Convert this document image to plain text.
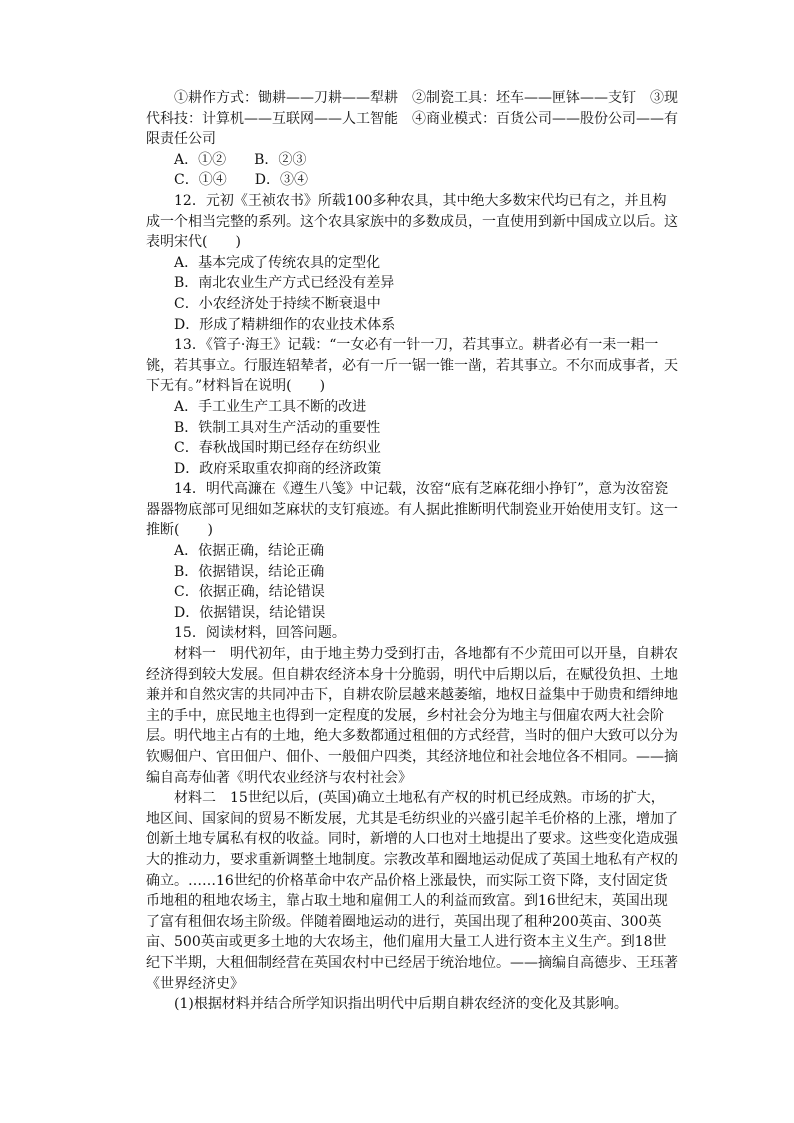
①耕作方式：锄耕——刀耕——犁耕　②制瓷工具：坯车——匣钵——支钉　③现代科技：计算机——互联网——人工智能　④商业模式：百货公司——股份公司——有限责任公司

A．①②	B．②③

C．①④	D．③④

12．元初《王祯农书》所载100多种农具，其中绝大多数宋代均已有之，并且构成一个相当完整的系列。这个农具家族中的多数成员，一直使用到新中国成立以后。这表明宋代(　　)

A．基本完成了传统农具的定型化

B．南北农业生产方式已经没有差异

C．小农经济处于持续不断衰退中

D．形成了精耕细作的农业技术体系

13．《管子·海王》记载：“一女必有一针一刀，若其事立。耕者必有一耒一耜一铫，若其事立。行服连轺辇者，必有一斤一锯一锥一凿，若其事立。不尔而成事者，天下无有。”材料旨在说明(　　)

A．手工业生产工具不断的改进

B．铁制工具对生产活动的重要性

C．春秋战国时期已经存在纺织业

D．政府采取重农抑商的经济政策

14．明代高濂在《遵生八笺》中记载，汝窑“底有芝麻花细小挣钉”，意为汝窑瓷器器物底部可见细如芝麻状的支钉痕迹。有人据此推断明代制瓷业开始使用支钉。这一推断(　　)

A．依据正确，结论正确

B．依据错误，结论正确

C．依据正确，结论错误

D．依据错误，结论错误

15．阅读材料，回答问题。

材料一　明代初年，由于地主势力受到打击，各地都有不少荒田可以开垦，自耕农经济得到较大发展。但自耕农经济本身十分脆弱，明代中后期以后，在赋役负担、土地兼并和自然灾害的共同冲击下，自耕农阶层越来越萎缩，地权日益集中于勋贵和缙绅地主的手中，庶民地主也得到一定程度的发展，乡村社会分为地主与佃雇农两大社会阶层。明代地主占有的土地，绝大多数都通过租佃的方式经营，当时的佃户大致可以分为钦赐佃户、官田佃户、佃仆、一般佃户四类，其经济地位和社会地位各不相同。——摘编自高寿仙著《明代农业经济与农村社会》

材料二　15世纪以后，(英国)确立土地私有产权的时机已经成熟。市场的扩大，地区间、国家间的贸易不断发展，尤其是毛纺织业的兴盛引起羊毛价格的上涨，增加了创新土地专属私有权的收益。同时，新增的人口也对土地提出了要求。这些变化造成强大的推动力，要求重新调整土地制度。宗教改革和圈地运动促成了英国土地私有产权的确立。……16世纪的价格革命中农产品价格上涨最快，而实际工资下降，支付固定货币地租的租地农场主，靠占取土地和雇佣工人的利益而致富。到16世纪末，英国出现了富有租佃农场主阶级。伴随着圈地运动的进行，英国出现了租种200英亩、300英亩、500英亩或更多土地的大农场主，他们雇用大量工人进行资本主义生产。到18世纪下半期，大租佃制经营在英国农村中已经居于统治地位。——摘编自高德步、王珏著《世界经济史》

(1)根据材料并结合所学知识指出明代中后期自耕农经济的变化及其影响。
